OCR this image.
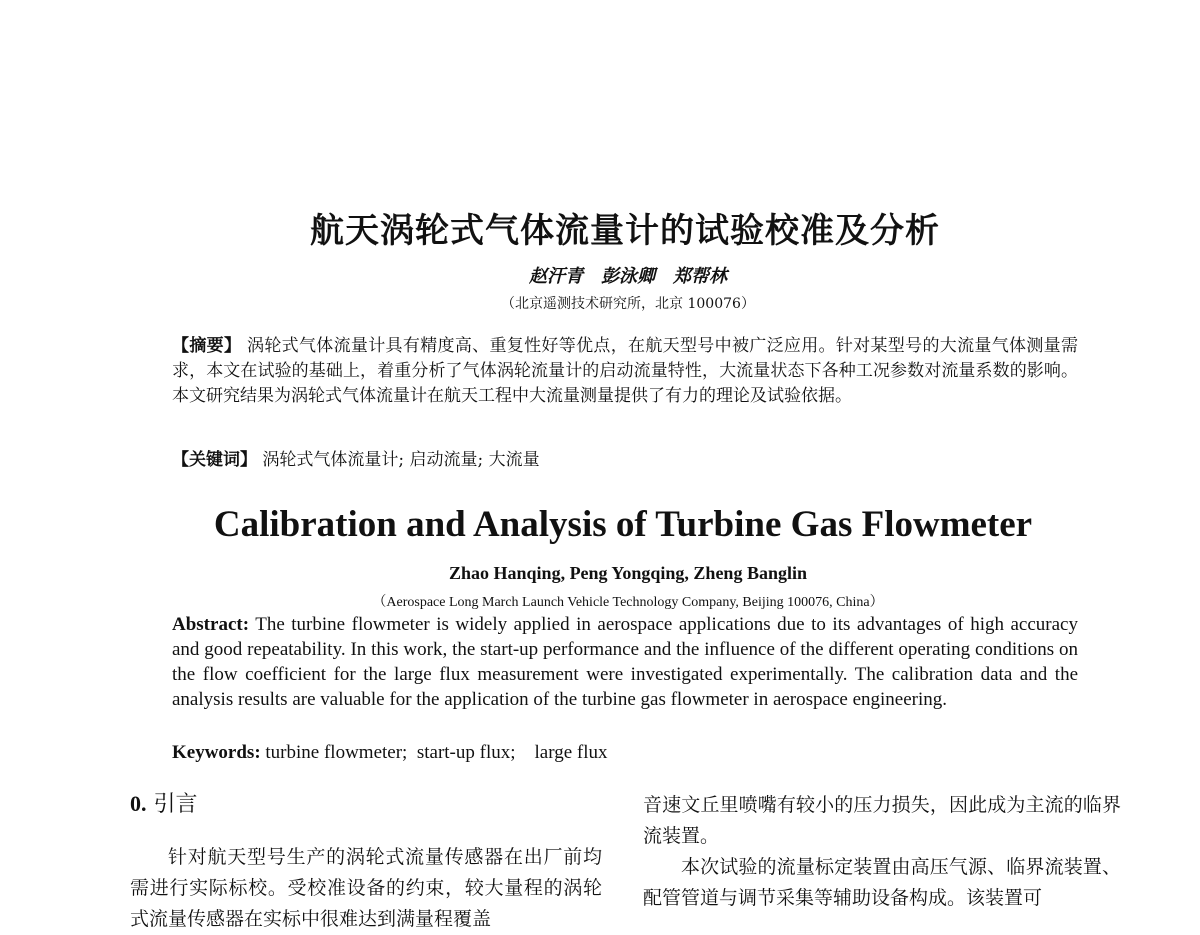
航天涡轮式气体流量计的试验校准及分析
赵汗青　彭泳卿　郑帮林
（北京遥测技术研究所，北京 100076）
【摘要】 涡轮式气体流量计具有精度高、重复性好等优点，在航天型号中被广泛应用。针对某型号的大流量气体测量需求，本文在试验的基础上，着重分析了气体涡轮流量计的启动流量特性，大流量状态下各种工况参数对流量系数的影响。本文研究结果为涡轮式气体流量计在航天工程中大流量测量提供了有力的理论及试验依据。
【关键词】 涡轮式气体流量计; 启动流量; 大流量
Calibration and Analysis of Turbine Gas Flowmeter
Zhao Hanqing, Peng Yongqing, Zheng Banglin
（Aerospace Long March Launch Vehicle Technology Company, Beijing 100076, China）
Abstract: The turbine flowmeter is widely applied in aerospace applications due to its advantages of high accuracy and good repeatability. In this work, the start-up performance and the influence of the different operating conditions on the flow coefficient for the large flux measurement were investigated experimentally. The calibration data and the analysis results are valuable for the application of the turbine gas flowmeter in aerospace engineering.
Keywords: turbine flowmeter; start-up flux; large flux
0. 引言

针对航天型号生产的涡轮式流量传感器在出厂前均需进行实际标校。受校准设备的约束，较大量程的涡轮式流量传感器在实标中很难达到满量程覆盖

音速文丘里喷嘴有较小的压力损失，因此成为主流的临界流装置。

本次试验的流量标定装置由高压气源、临界流装置、配管管道与调节采集等辅助设备构成。该装置可
